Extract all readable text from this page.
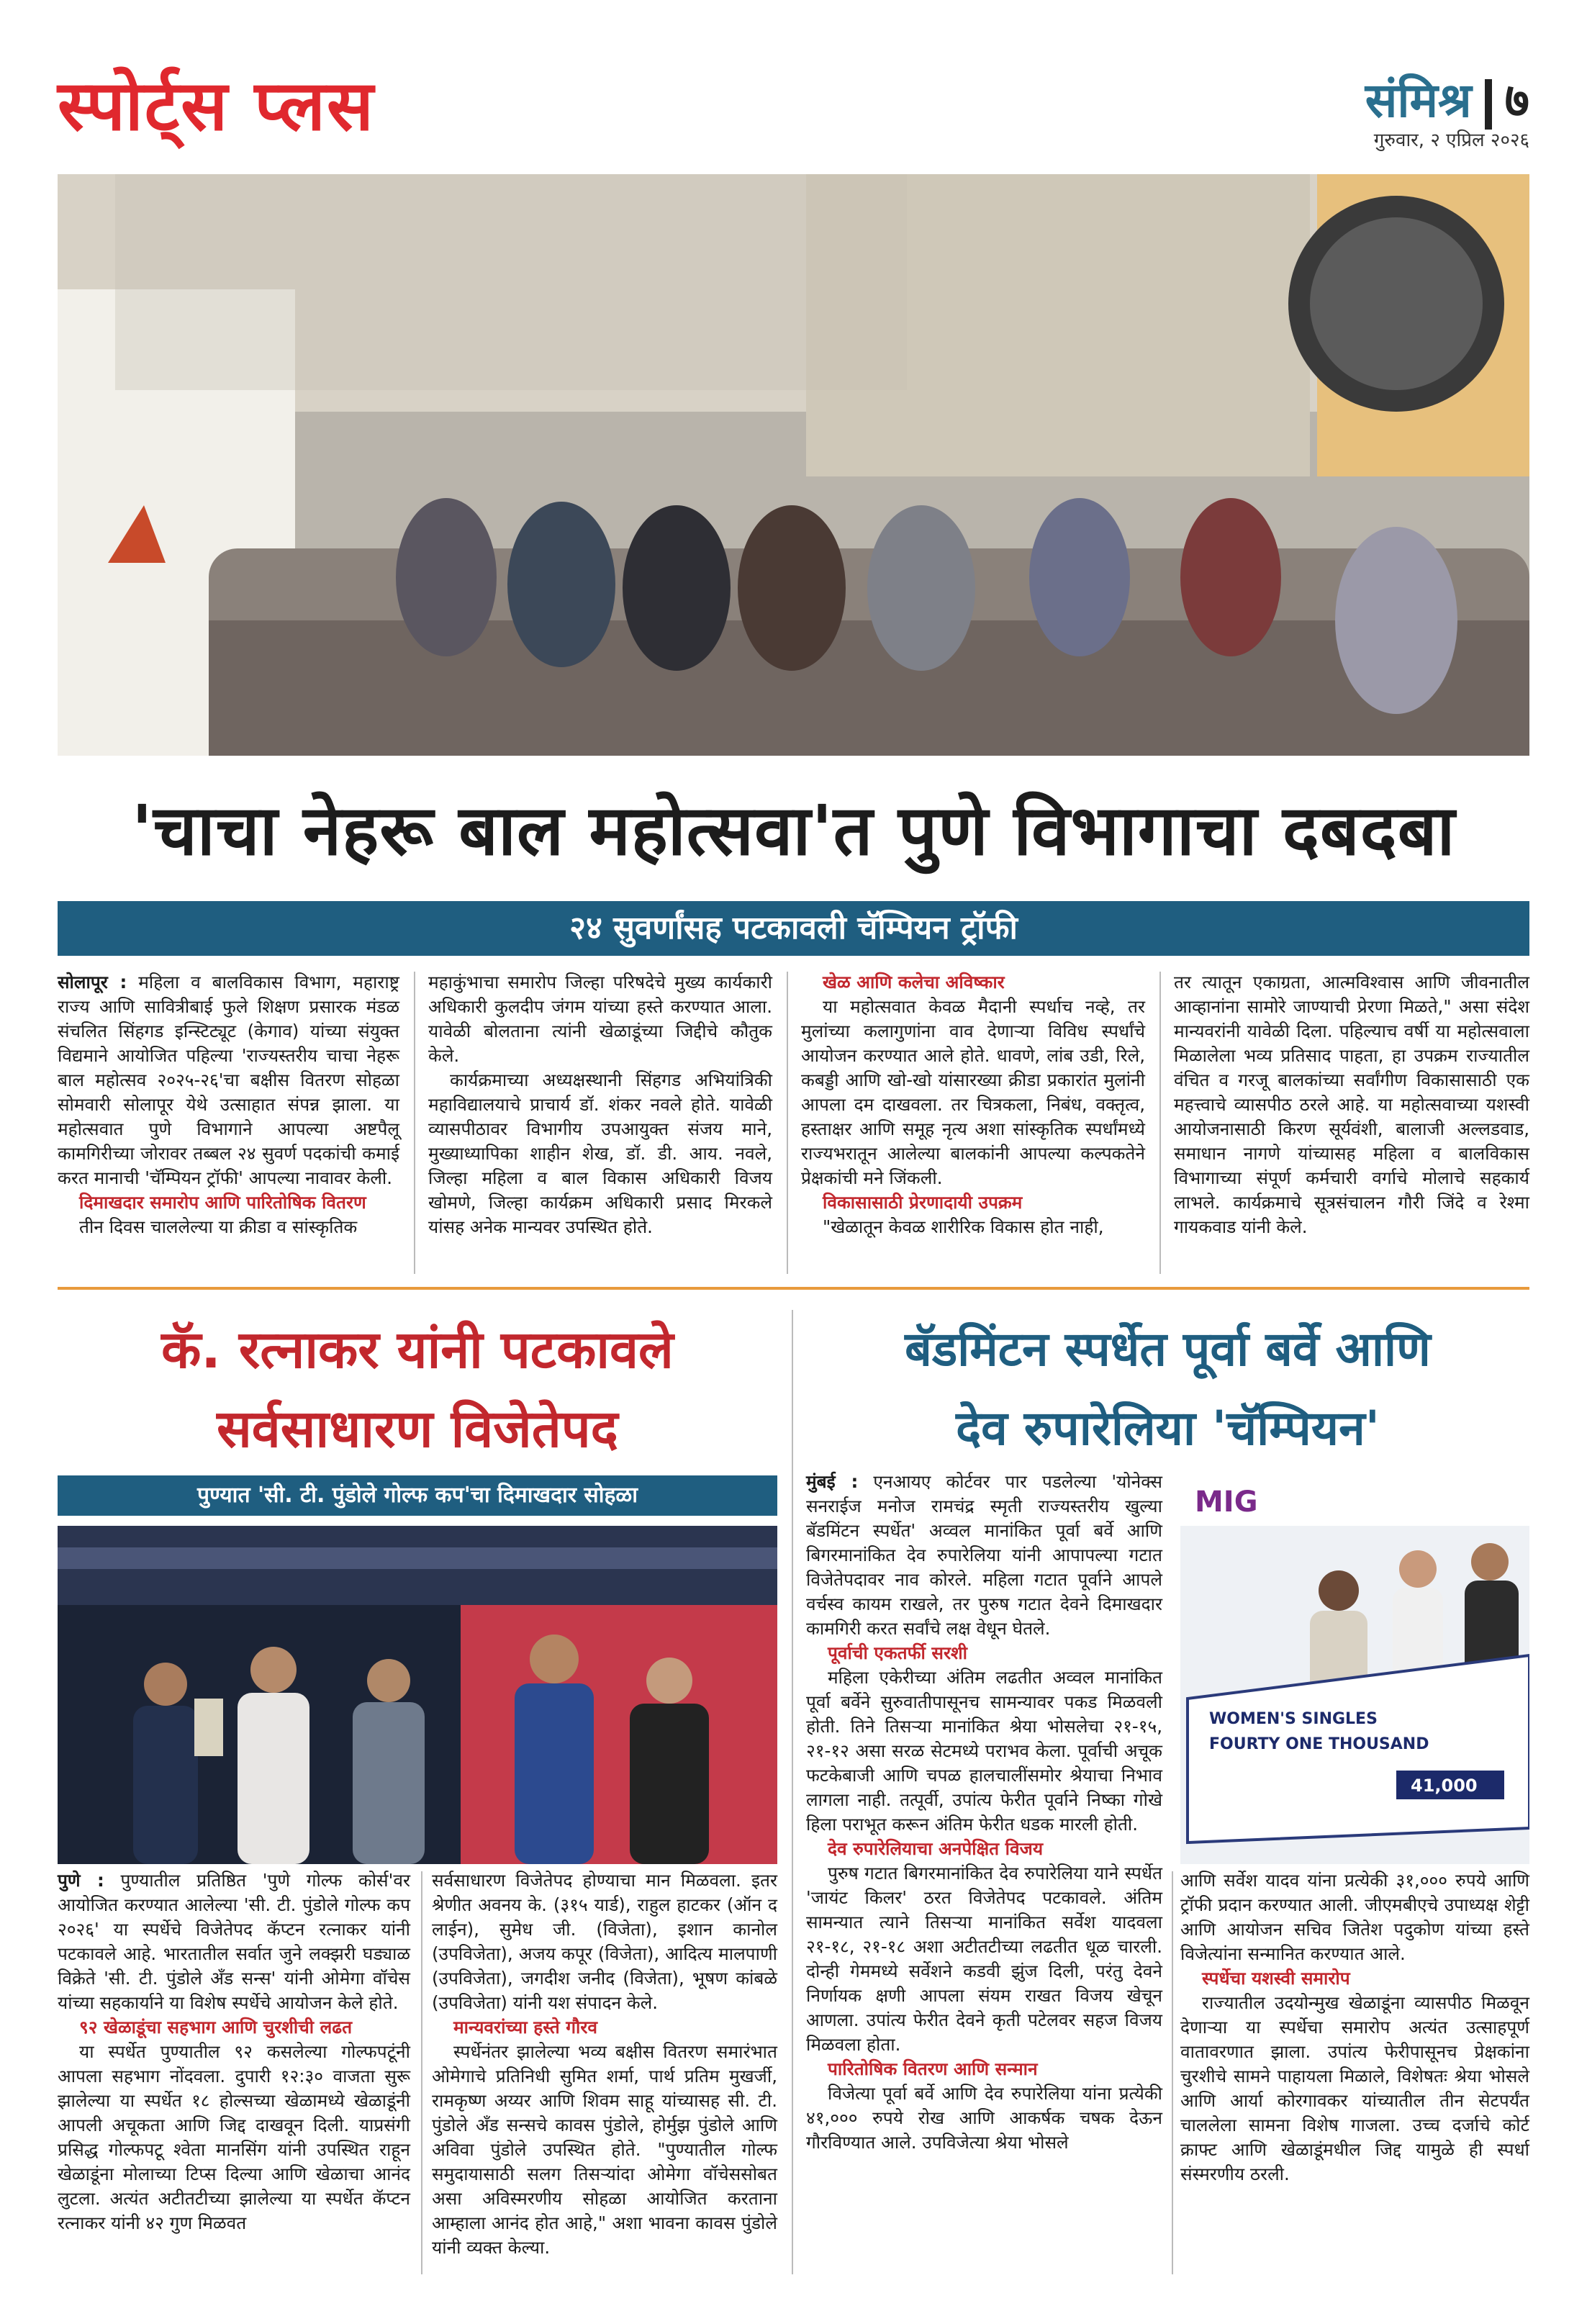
स्पोर्ट्स प्लस	संमिश्र ७
गुरुवार, २ एप्रिल २०२६
'चाचा नेहरू बाल महोत्सवा'त पुणे विभागाचा दबदबा
२४ सुवर्णांसह पटकावली चॅम्पियन ट्रॉफी

सोलापूर : महिला व बालविकास विभाग, महाराष्ट्र राज्य आणि सावित्रीबाई फुले शिक्षण प्रसारक मंडळ संचलित सिंहगड इन्स्टिट्यूट (केगाव) यांच्या संयुक्त विद्यमाने आयोजित पहिल्या 'राज्यस्तरीय चाचा नेहरू बाल महोत्सव २०२५-२६'चा बक्षीस वितरण सोहळा सोमवारी सोलापूर येथे उत्साहात संपन्न झाला. या महोत्सवात पुणे विभागाने आपल्या अष्टपैलू कामगिरीच्या जोरावर तब्बल २४ सुवर्ण पदकांची कमाई करत मानाची 'चॅम्पियन ट्रॉफी' आपल्या नावावर केली.

दिमाखदार समारोप आणि पारितोषिक वितरण

तीन दिवस चाललेल्या या क्रीडा व सांस्कृतिक

महाकुंभाचा समारोप जिल्हा परिषदेचे मुख्य कार्यकारी अधिकारी कुलदीप जंगम यांच्या हस्ते करण्यात आला. यावेळी बोलताना त्यांनी खेळाडूंच्या जिद्दीचे कौतुक केले.

कार्यक्रमाच्या अध्यक्षस्थानी सिंहगड अभियांत्रिकी महाविद्यालयाचे प्राचार्य डॉ. शंकर नवले होते. यावेळी व्यासपीठावर विभागीय उपआयुक्त संजय माने, मुख्याध्यापिका शाहीन शेख, डॉ. डी. आय. नवले, जिल्हा महिला व बाल विकास अधिकारी विजय खोमणे, जिल्हा कार्यक्रम अधिकारी प्रसाद मिरकले यांसह अनेक मान्यवर उपस्थित होते.

खेळ आणि कलेचा अविष्कार

या महोत्सवात केवळ मैदानी स्पर्धाच नव्हे, तर मुलांच्या कलागुणांना वाव देणाऱ्या विविध स्पर्धांचे आयोजन करण्यात आले होते. धावणे, लांब उडी, रिले, कबड्डी आणि खो-खो यांसारख्या क्रीडा प्रकारांत मुलांनी आपला दम दाखवला. तर चित्रकला, निबंध, वक्तृत्व, हस्ताक्षर आणि समूह नृत्य अशा सांस्कृतिक स्पर्धांमध्ये राज्यभरातून आलेल्या बालकांनी आपल्या कल्पकतेने प्रेक्षकांची मने जिंकली.

विकासासाठी प्रेरणादायी उपक्रम

"खेळातून केवळ शारीरिक विकास होत नाही,

तर त्यातून एकाग्रता, आत्मविश्वास आणि जीवनातील आव्हानांना सामोरे जाण्याची प्रेरणा मिळते," असा संदेश मान्यवरांनी यावेळी दिला. पहिल्याच वर्षी या महोत्सवाला मिळालेला भव्य प्रतिसाद पाहता, हा उपक्रम राज्यातील वंचित व गरजू बालकांच्या सर्वांगीण विकासासाठी एक महत्त्वाचे व्यासपीठ ठरले आहे. या महोत्सवाच्या यशस्वी आयोजनासाठी किरण सूर्यवंशी, बालाजी अल्लडवाड, समाधान नागणे यांच्यासह महिला व बालविकास विभागाच्या संपूर्ण कर्मचारी वर्गाचे मोलाचे सहकार्य लाभले. कार्यक्रमाचे सूत्रसंचालन गौरी जिंदे व रेश्मा गायकवाड यांनी केले.

कॅ. रत्नाकर यांनी पटकावले
सर्वसाधारण विजेतेपद
पुण्यात 'सी. टी. पुंडोले गोल्फ कप'चा दिमाखदार सोहळा

पुणे : पुण्यातील प्रतिष्ठित 'पुणे गोल्फ कोर्स'वर आयोजित करण्यात आलेल्या 'सी. टी. पुंडोले गोल्फ कप २०२६' या स्पर्धेचे विजेतेपद कॅप्टन रत्नाकर यांनी पटकावले आहे. भारतातील सर्वात जुने लक्झरी घड्याळ विक्रेते 'सी. टी. पुंडोले अँड सन्स' यांनी ओमेगा वॉचेस यांच्या सहकार्याने या विशेष स्पर्धेचे आयोजन केले होते.

९२ खेळाडूंचा सहभाग आणि चुरशीची लढत

या स्पर्धेत पुण्यातील ९२ कसलेल्या गोल्फपटूंनी आपला सहभाग नोंदवला. दुपारी १२:३० वाजता सुरू झालेल्या या स्पर्धेत १८ होल्सच्या खेळामध्ये खेळाडूंनी आपली अचूकता आणि जिद्द दाखवून दिली. याप्रसंगी प्रसिद्ध गोल्फपटू श्वेता मानसिंग यांनी उपस्थित राहून खेळाडूंना मोलाच्या टिप्स दिल्या आणि खेळाचा आनंद लुटला. अत्यंत अटीतटीच्या झालेल्या या स्पर्धेत कॅप्टन रत्नाकर यांनी ४२ गुण मिळवत

सर्वसाधारण विजेतेपद होण्याचा मान मिळवला. इतर श्रेणीत अवनय के. (३१५ यार्ड), राहुल हाटकर (ऑन द लाईन), सुमेध जी. (विजेता), इशान कानोल (उपविजेता), अजय कपूर (विजेता), आदित्य मालपाणी (उपविजेता), जगदीश जनीद (विजेता), भूषण कांबळे (उपविजेता) यांनी यश संपादन केले.

मान्यवरांच्या हस्ते गौरव

स्पर्धेनंतर झालेल्या भव्य बक्षीस वितरण समारंभात ओमेगाचे प्रतिनिधी सुमित शर्मा, पार्थ प्रतिम मुखर्जी, रामकृष्ण अय्यर आणि शिवम साहू यांच्यासह सी. टी. पुंडोले अँड सन्सचे कावस पुंडोले, होर्मुझ पुंडोले आणि अविवा पुंडोले उपस्थित होते. "पुण्यातील गोल्फ समुदायासाठी सलग तिसऱ्यांदा ओमेगा वॉचेससोबत असा अविस्मरणीय सोहळा आयोजित करताना आम्हाला आनंद होत आहे," अशा भावना कावस पुंडोले यांनी व्यक्त केल्या.

बॅडमिंटन स्पर्धेत पूर्वा बर्वे आणि
देव रुपारेलिया 'चॅम्पियन'
MIG
WOMEN'S SINGLES
FOURTY ONE THOUSAND
41,000

मुंबई : एनआयए कोर्टवर पार पडलेल्या 'योनेक्स सनराईज मनोज रामचंद्र स्मृती राज्यस्तरीय खुल्या बॅडमिंटन स्पर्धेत' अव्वल मानांकित पूर्वा बर्वे आणि बिगरमानांकित देव रुपारेलिया यांनी आपापल्या गटात विजेतेपदावर नाव कोरले. महिला गटात पूर्वाने आपले वर्चस्व कायम राखले, तर पुरुष गटात देवने दिमाखदार कामगिरी करत सर्वांचे लक्ष वेधून घेतले.

पूर्वाची एकतर्फी सरशी

महिला एकेरीच्या अंतिम लढतीत अव्वल मानांकित पूर्वा बर्वेने सुरुवातीपासूनच सामन्यावर पकड मिळवली होती. तिने तिसऱ्या मानांकित श्रेया भोसलेचा २१-१५, २१-१२ असा सरळ सेटमध्ये पराभव केला. पूर्वाची अचूक फटकेबाजी आणि चपळ हालचालींसमोर श्रेयाचा निभाव लागला नाही. तत्पूर्वी, उपांत्य फेरीत पूर्वाने निष्का गोखे हिला पराभूत करून अंतिम फेरीत धडक मारली होती.

देव रुपारेलियाचा अनपेक्षित विजय

पुरुष गटात बिगरमानांकित देव रुपारेलिया याने स्पर्धेत 'जायंट किलर' ठरत विजेतेपद पटकावले. अंतिम सामन्यात त्याने तिसऱ्या मानांकित सर्वेश यादवला २१-१८, २१-१८ अशा अटीतटीच्या लढतीत धूळ चारली. दोन्ही गेममध्ये सर्वेशने कडवी झुंज दिली, परंतु देवने निर्णायक क्षणी आपला संयम राखत विजय खेचून आणला. उपांत्य फेरीत देवने कृती पटेलवर सहज विजय मिळवला होता.

पारितोषिक वितरण आणि सन्मान

विजेत्या पूर्वा बर्वे आणि देव रुपारेलिया यांना प्रत्येकी ४१,००० रुपये रोख आणि आकर्षक चषक देऊन गौरविण्यात आले. उपविजेत्या श्रेया भोसले

आणि सर्वेश यादव यांना प्रत्येकी ३१,००० रुपये आणि ट्रॉफी प्रदान करण्यात आली. जीएमबीएचे उपाध्यक्ष शेट्टी आणि आयोजन सचिव जितेश पदुकोण यांच्या हस्ते विजेत्यांना सन्मानित करण्यात आले.

स्पर्धेचा यशस्वी समारोप

राज्यातील उदयोन्मुख खेळाडूंना व्यासपीठ मिळवून देणाऱ्या या स्पर्धेचा समारोप अत्यंत उत्साहपूर्ण वातावरणात झाला. उपांत्य फेरीपासूनच प्रेक्षकांना चुरशीचे सामने पाहायला मिळाले, विशेषतः श्रेया भोसले आणि आर्या कोरगावकर यांच्यातील तीन सेटपर्यंत चाललेला सामना विशेष गाजला. उच्च दर्जाचे कोर्ट क्राफ्ट आणि खेळाडूंमधील जिद्द यामुळे ही स्पर्धा संस्मरणीय ठरली.
